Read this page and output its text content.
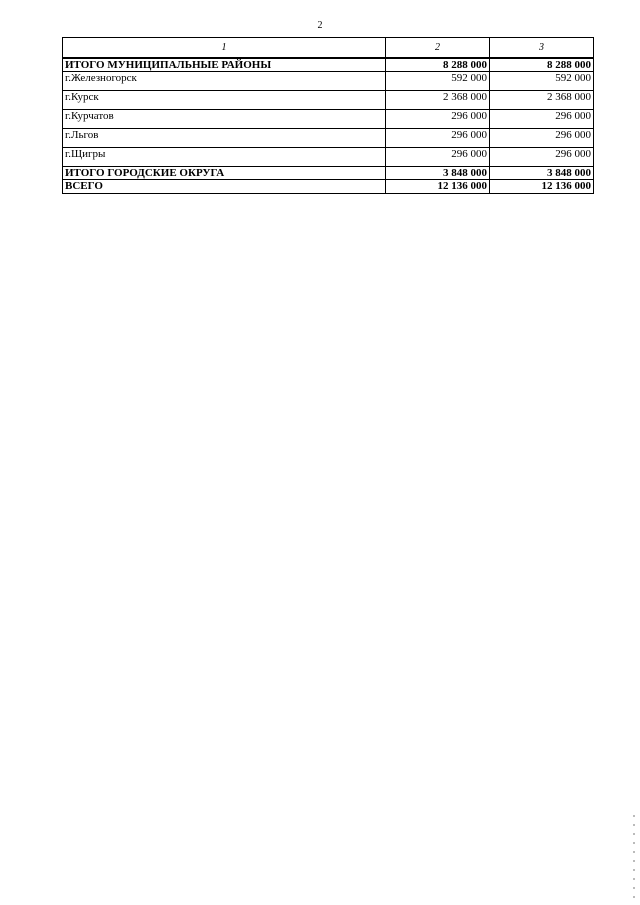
2
1	2	3
ИТОГО МУНИЦИПАЛЬНЫЕ РАЙОНЫ	8 288 000	8 288 000
г.Железногорск	592 000	592 000
г.Курск	2 368 000	2 368 000
г.Курчатов	296 000	296 000
г.Льгов	296 000	296 000
г.Щигры	296 000	296 000
ИТОГО ГОРОДСКИЕ ОКРУГА	3 848 000	3 848 000
ВСЕГО	12 136 000	12 136 000
